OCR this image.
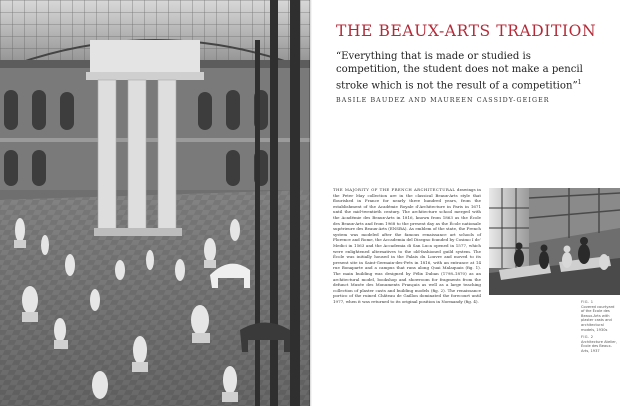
THE BEAUX-ARTS TRADITION
“Everything that is made or studied is competition, the student does not make a pencil stroke which is not the result of a competition”$^1$
BASILE BAUDEZ AND MAUREEN CASSIDY-GEIGER
THE MAJORITY OF THE FRENCH ARCHITECTURAL drawings in the Peter May collection are in the classical Beaux-Arts style that flourished in France for nearly three hundred years, from the establishment of the Académie Royale d’Architecture in Paris in 1671 until the mid-twentieth century. The architecture school merged with the Académie des Beaux-Arts in 1816, known from 1863 as the École des Beaux-Arts and from 1968 to the present day as the École nationale supérieure des Beaux-Arts (ENSBA). As emblem of the state, the French system was modeled after the famous renaissance art schools of Florence and Rome, the Accademia del Disegno founded by Cosimo I de’ Medici in 1563 and the Accademia di San Luca opened in 1577, which were enlightened alternatives to the old-fashioned guild system. The École was initially housed in the Palais du Louvre and moved to its present site in Saint-Germain-des-Prés in 1816, with an entrance at 14 rue Bonaparte and a campus that runs along Quai Malaquais (fig. 1). The main building was designed by Félix Duban (1798–1870) as an architectural model, bookshop and showroom for fragments from the defunct Musée des Monuments Français as well as a large teaching collection of plaster casts and building models (fig. 2). The renaissance portico of the ruined Château de Gaillon dominated the forecourt until 1977, when it was returned to its original position in Normandy (fig. 4).	FIG. 1
Covered courtyard of the École des Beaux-Arts with plaster casts and architectural models, 1930s
FIG. 2
Architecture Atelier, École des Beaux-Arts, 1937
